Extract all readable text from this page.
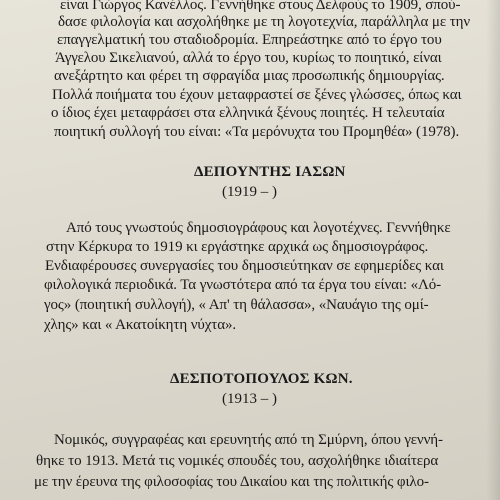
είναι Γιώργος Κανέλλος. Γεννήθηκε στους Δελφούς το 1909, σπού-
δασε φιλολογία και ασχολήθηκε με τη λογοτεχνία, παράλληλα με την
επαγγελματική του σταδιοδρομία. Επηρεάστηκε από το έργο του
Άγγελου Σικελιανού, αλλά το έργο του, κυρίως το ποιητικό, είναι
ανεξάρτητο και φέρει τη σφραγίδα μιας προσωπικής δημιουργίας.
Πολλά ποιήματα του έχουν μεταφραστεί σε ξένες γλώσσες, όπως και
ο ίδιος έχει μεταφράσει στα ελληνικά ξένους ποιητές. Η τελευταία
ποιητική συλλογή του είναι: «Τα μερόνυχτα του Προμηθέα» (1978).
ΔΕΠΟΥΝΤΗΣ ΙΑΣΩΝ
(1919 – )
Από τους γνωστούς δημοσιογράφους και λογοτέχνες. Γεννήθηκε
στην Κέρκυρα το 1919 κι εργάστηκε αρχικά ως δημοσιογράφος.
Ενδιαφέρουσες συνεργασίες του δημοσιεύτηκαν σε εφημερίδες και
φιλολογικά περιοδικά. Τα γνωστότερα από τα έργα του είναι: «Λό-
γος» (ποιητική συλλογή), « Απ' τη θάλασσα», «Ναυάγιο της ομί-
χλης» και « Ακατοίκητη νύχτα».
ΔΕΣΠΟΤΟΠΟΥΛΟΣ ΚΩΝ.
(1913 – )
Νομικός, συγγραφέας και ερευνητής από τη Σμύρνη, όπου γεννή-
θηκε το 1913. Μετά τις νομικές σπουδές του, ασχολήθηκε ιδιαίτερα
με την έρευνα της φιλοσοφίας του Δικαίου και της πολιτικής φιλο-
